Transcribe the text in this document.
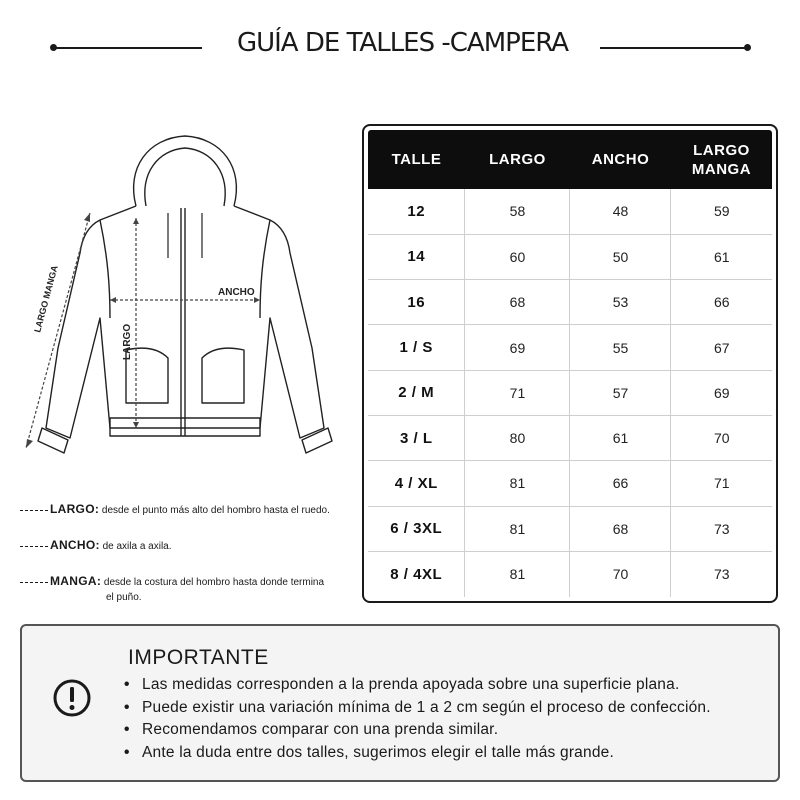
GUÍA DE TALLES -CAMPERA
ANCHO
LARGO
LARGO MANGA
LARGO: desde el punto más alto del hombro hasta el ruedo.
ANCHO: de axila a axila.
MANGA: desde la costura del hombro hasta donde termina
el puño.
TALLE	LARGO	ANCHO	LARGO MANGA
12	58	48	59
14	60	50	61
16	68	53	66
1 / S	69	55	67
2 / M	71	57	69
3 / L	80	61	70
4 / XL	81	66	71
6 / 3XL	81	68	73
8 / 4XL	81	70	73
IMPORTANTE
• Las medidas corresponden a la prenda apoyada sobre una superficie plana.
• Puede existir una variación mínima de 1 a 2 cm según el proceso de confección.
• Recomendamos comparar con una prenda similar.
• Ante la duda entre dos talles, sugerimos elegir el talle más grande.
